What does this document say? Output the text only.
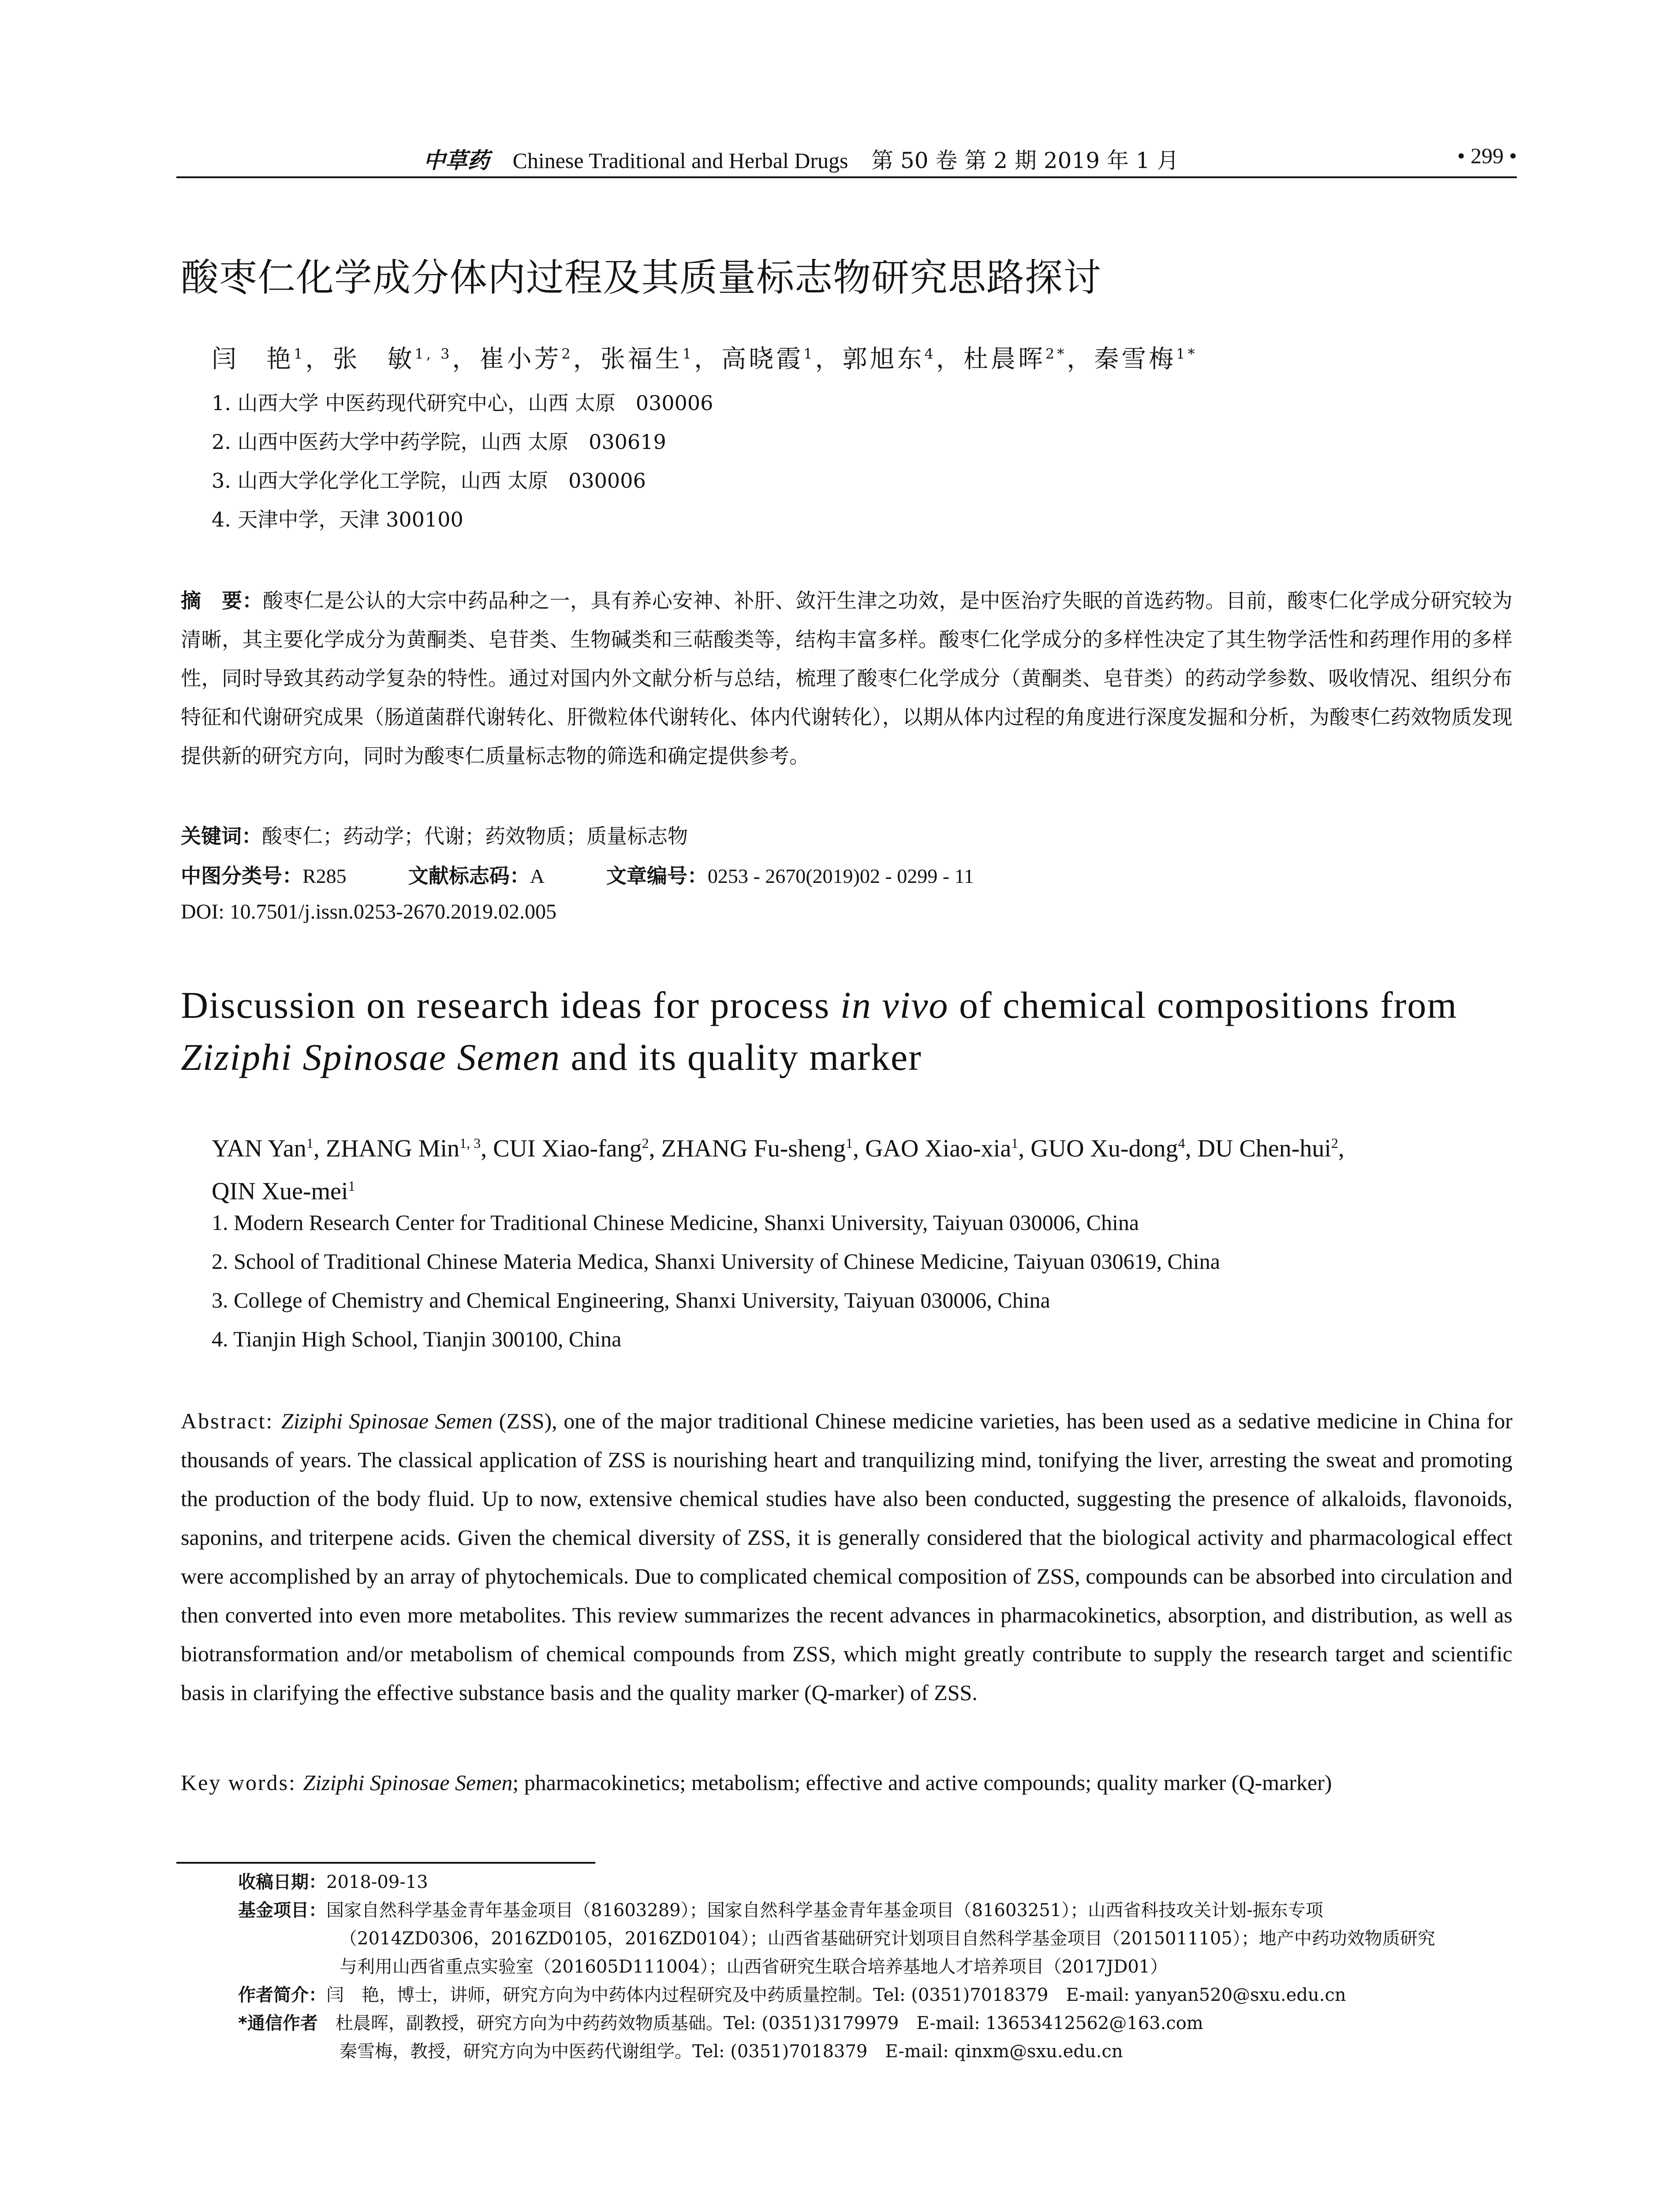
中草药 Chinese Traditional and Herbal Drugs 第 50 卷 第 2 期 2019 年 1 月	• 299 •
酸枣仁化学成分体内过程及其质量标志物研究思路探讨
闫　艳$^1$，张　敏$^{1, 3}$，崔小芳$^2$，张福生$^1$，高晓霞$^1$，郭旭东$^4$，杜晨晖$^{2*}$，秦雪梅$^{1*}$
1. 山西大学 中医药现代研究中心，山西 太原　030006
2. 山西中医药大学中药学院，山西 太原　030619
3. 山西大学化学化工学院，山西 太原　030006
4. 天津中学，天津 300100
摘　要：酸枣仁是公认的大宗中药品种之一，具有养心安神、补肝、敛汗生津之功效，是中医治疗失眠的首选药物。目前，酸枣仁化学成分研究较为清晰，其主要化学成分为黄酮类、皂苷类、生物碱类和三萜酸类等，结构丰富多样。酸枣仁化学成分的多样性决定了其生物学活性和药理作用的多样性，同时导致其药动学复杂的特性。通过对国内外文献分析与总结，梳理了酸枣仁化学成分（黄酮类、皂苷类）的药动学参数、吸收情况、组织分布特征和代谢研究成果（肠道菌群代谢转化、肝微粒体代谢转化、体内代谢转化），以期从体内过程的角度进行深度发掘和分析，为酸枣仁药效物质发现提供新的研究方向，同时为酸枣仁质量标志物的筛选和确定提供参考。
关键词：酸枣仁；药动学；代谢；药效物质；质量标志物
中图分类号：R285	文献标志码：A	文章编号：0253 - 2670(2019)02 - 0299 - 11
DOI: 10.7501/j.issn.0253-2670.2019.02.005
Discussion on research ideas for process in vivo of chemical compositions from
Ziziphi Spinosae Semen and its quality marker
YAN Yan$^1$, ZHANG Min$^{1, 3}$, CUI Xiao-fang$^2$, ZHANG Fu-sheng$^1$, GAO Xiao-xia$^1$, GUO Xu-dong$^4$, DU Chen-hui$^2$,
QIN Xue-mei$^1$
1. Modern Research Center for Traditional Chinese Medicine, Shanxi University, Taiyuan 030006, China
2. School of Traditional Chinese Materia Medica, Shanxi University of Chinese Medicine, Taiyuan 030619, China
3. College of Chemistry and Chemical Engineering, Shanxi University, Taiyuan 030006, China
4. Tianjin High School, Tianjin 300100, China
Abstract: Ziziphi Spinosae Semen (ZSS), one of the major traditional Chinese medicine varieties, has been used as a sedative medicine in China for thousands of years. The classical application of ZSS is nourishing heart and tranquilizing mind, tonifying the liver, arresting the sweat and promoting the production of the body fluid. Up to now, extensive chemical studies have also been conducted, suggesting the presence of alkaloids, flavonoids, saponins, and triterpene acids. Given the chemical diversity of ZSS, it is generally considered that the biological activity and pharmacological effect were accomplished by an array of phytochemicals. Due to complicated chemical composition of ZSS, compounds can be absorbed into circulation and then converted into even more metabolites. This review summarizes the recent advances in pharmacokinetics, absorption, and distribution, as well as biotransformation and/or metabolism of chemical compounds from ZSS, which might greatly contribute to supply the research target and scientific basis in clarifying the effective substance basis and the quality marker (Q-marker) of ZSS.
Key words: Ziziphi Spinosae Semen; pharmacokinetics; metabolism; effective and active compounds; quality marker (Q-marker)
收稿日期：2018-09-13
基金项目：国家自然科学基金青年基金项目（81603289）；国家自然科学基金青年基金项目（81603251）；山西省科技攻关计划-振东专项
（2014ZD0306，2016ZD0105，2016ZD0104）；山西省基础研究计划项目自然科学基金项目（2015011105）；地产中药功效物质研究
与利用山西省重点实验室（201605D111004）；山西省研究生联合培养基地人才培养项目（2017JD01）
作者简介：闫　艳，博士，讲师，研究方向为中药体内过程研究及中药质量控制。Tel: (0351)7018379　E-mail: yanyan520@sxu.edu.cn
*通信作者　 杜晨晖，副教授，研究方向为中药药效物质基础。Tel: (0351)3179979　E-mail: 13653412562@163.com
秦雪梅，教授，研究方向为中医药代谢组学。Tel: (0351)7018379　E-mail: qinxm@sxu.edu.cn
